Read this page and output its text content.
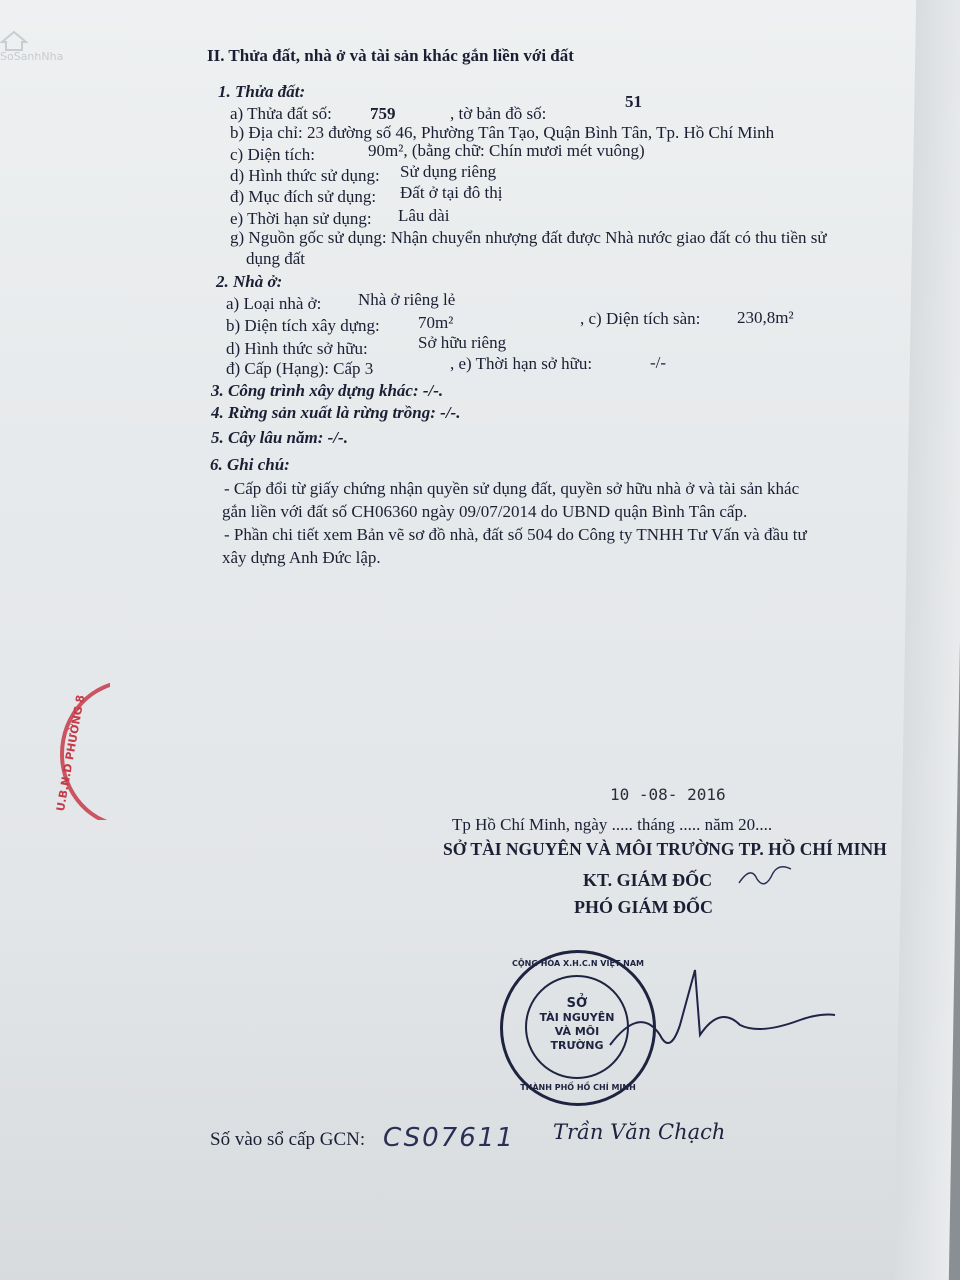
SoSanhNha	II. Thửa đất, nhà ở và tài sản khác gắn liền với đất
1. Thửa đất:
a) Thửa đất số: 759	, tờ bản đồ số:
51
b) Địa chỉ: 23 đường số 46, Phường Tân Tạo, Quận Bình Tân, Tp. Hồ Chí Minh
c) Diện tích:	90m², (bằng chữ: Chín mươi mét vuông)
d) Hình thức sử dụng: Sử dụng riêng
đ) Mục đích sử dụng: Đất ở tại đô thị
e) Thời hạn sử dụng: Lâu dài
g) Nguồn gốc sử dụng: Nhận chuyển nhượng đất được Nhà nước giao đất có thu tiền sử
dụng đất
2. Nhà ở:
a) Loại nhà ở: Nhà ở riêng lẻ
b) Diện tích xây dựng: 70m²	, c) Diện tích sàn: 230,8m²
d) Hình thức sở hữu:	Sở hữu riêng
đ) Cấp (Hạng): Cấp 3	, e) Thời hạn sở hữu:	-/-
3. Công trình xây dựng khác: -/-.
4. Rừng sản xuất là rừng trồng: -/-.
5. Cây lâu năm: -/-.
6. Ghi chú:
- Cấp đổi từ giấy chứng nhận quyền sử dụng đất, quyền sở hữu nhà ở và tài sản khác
gắn liền với đất số CH06360 ngày 09/07/2014 do UBND quận Bình Tân cấp.
- Phần chi tiết xem Bản vẽ sơ đồ nhà, đất số 504 do Công ty TNHH Tư Vấn và đầu tư
xây dựng Anh Đức lập.
U.B.N.D PHƯỜNG 8	10 -08- 2016
Tp Hồ Chí Minh, ngày ..... tháng ..... năm 20....
SỞ TÀI NGUYÊN VÀ MÔI TRƯỜNG TP. HỒ CHÍ MINH
KT. GIÁM ĐỐC
PHÓ GIÁM ĐỐC
CỘNG HÒA X.H.C.N VIỆT NAM
SỞ
TÀI NGUYÊN
VÀ MÔI TRƯỜNG
THÀNH PHỐ HỒ CHÍ MINH
Trần Văn Chạch
Số vào sổ cấp GCN: CS07611
